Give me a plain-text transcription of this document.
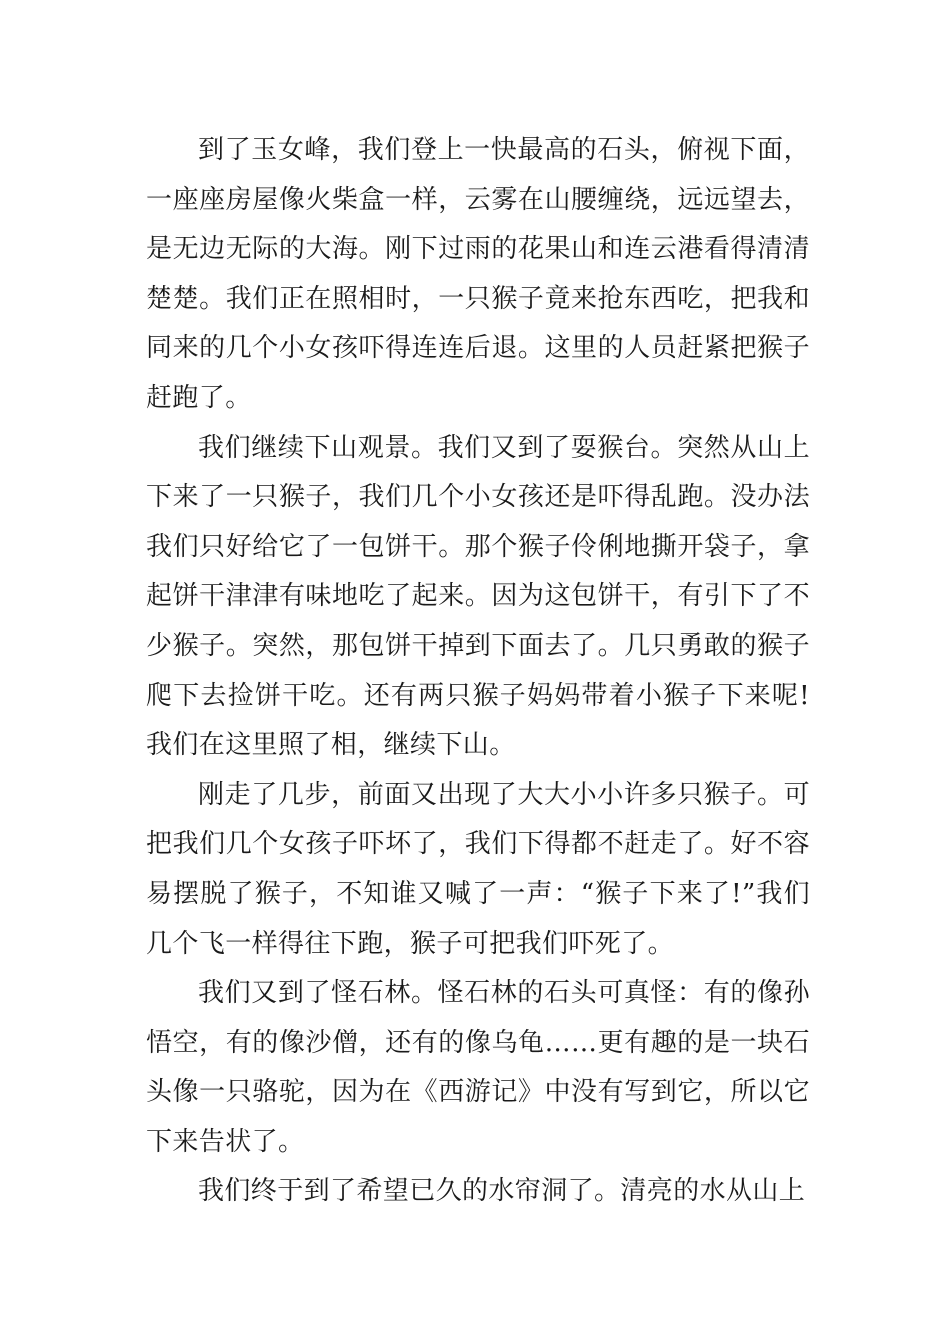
到了玉女峰，我们登上一快最高的石头，俯视下面，一座座房屋像火柴盒一样，云雾在山腰缠绕，远远望去，是无边无际的大海。刚下过雨的花果山和连云港看得清清楚楚。我们正在照相时，一只猴子竟来抢东西吃，把我和同来的几个小女孩吓得连连后退。这里的人员赶紧把猴子赶跑了。

我们继续下山观景。我们又到了耍猴台。突然从山上下来了一只猴子，我们几个小女孩还是吓得乱跑。没办法我们只好给它了一包饼干。那个猴子伶俐地撕开袋子，拿起饼干津津有味地吃了起来。因为这包饼干，有引下了不少猴子。突然，那包饼干掉到下面去了。几只勇敢的猴子爬下去捡饼干吃。还有两只猴子妈妈带着小猴子下来呢!我们在这里照了相，继续下山。

刚走了几步，前面又出现了大大小小许多只猴子。可把我们几个女孩子吓坏了，我们下得都不赶走了。好不容易摆脱了猴子，不知谁又喊了一声：“猴子下来了!”我们几个飞一样得往下跑，猴子可把我们吓死了。

我们又到了怪石林。怪石林的石头可真怪：有的像孙悟空，有的像沙僧，还有的像乌龟……更有趣的是一块石头像一只骆驼，因为在《西游记》中没有写到它，所以它下来告状了。

我们终于到了希望已久的水帘洞了。清亮的水从山上
